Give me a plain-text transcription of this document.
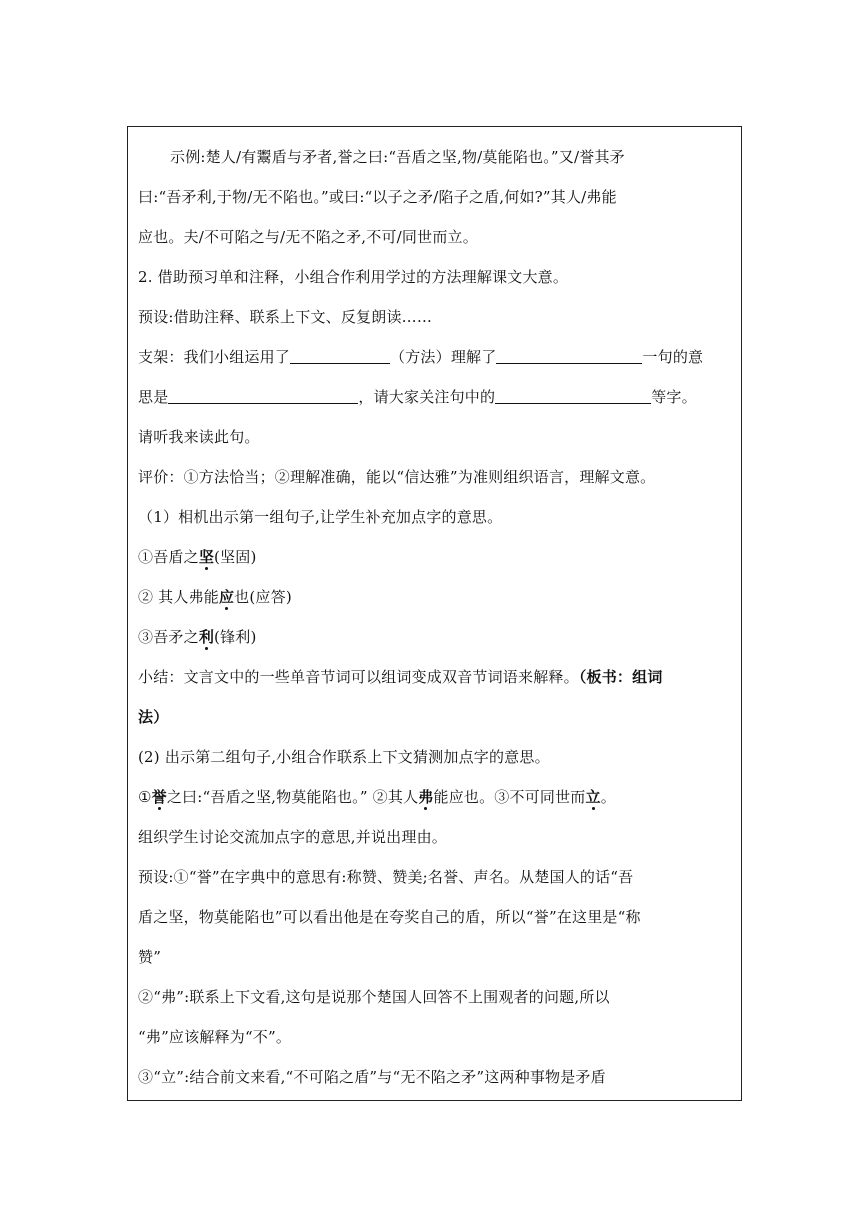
示例:楚人/有鬻盾与矛者,誉之曰:“吾盾之坚,物/莫能陷也。”又/誉其矛
曰:“吾矛利,于物/无不陷也。”或曰:“以子之矛/陷子之盾,何如?”其人/弗能
应也。夫/不可陷之与/无不陷之矛,不可/同世而立。
2. 借助预习单和注释，小组合作利用学过的方法理解课文大意。
预设:借助注释、联系上下文、反复朗读……
支架：我们小组运用了	（方法）理解了	一句的意
思是	，请大家关注句中的	等字。
请听我来读此句。
评价：①方法恰当；②理解准确，能以“信达雅”为准则组织语言，理解文意。
（1）相机出示第一组句子,让学生补充加点字的意思。
①吾盾之坚(坚固)
② 其人弗能应也(应答)
③吾矛之利(锋利)
小结：文言文中的一些单音节词可以组词变成双音节词语来解释。（板书：组词
法）
(2) 出示第二组句子,小组合作联系上下文猜测加点字的意思。
①誉之曰:“吾盾之坚,物莫能陷也。” ②其人弗能应也。③不可同世而立。
组织学生讨论交流加点字的意思,并说出理由。
预设:①“誉”在字典中的意思有:称赞、赞美;名誉、声名。从楚国人的话“吾
盾之坚，物莫能陷也”可以看出他是在夸奖自己的盾，所以“誉”在这里是“称
赞”
②“弗”:联系上下文看,这句是说那个楚国人回答不上围观者的问题,所以
“弗”应该解释为“不”。
③“立”:结合前文来看,“不可陷之盾”与“无不陷之矛”这两种事物是矛盾
